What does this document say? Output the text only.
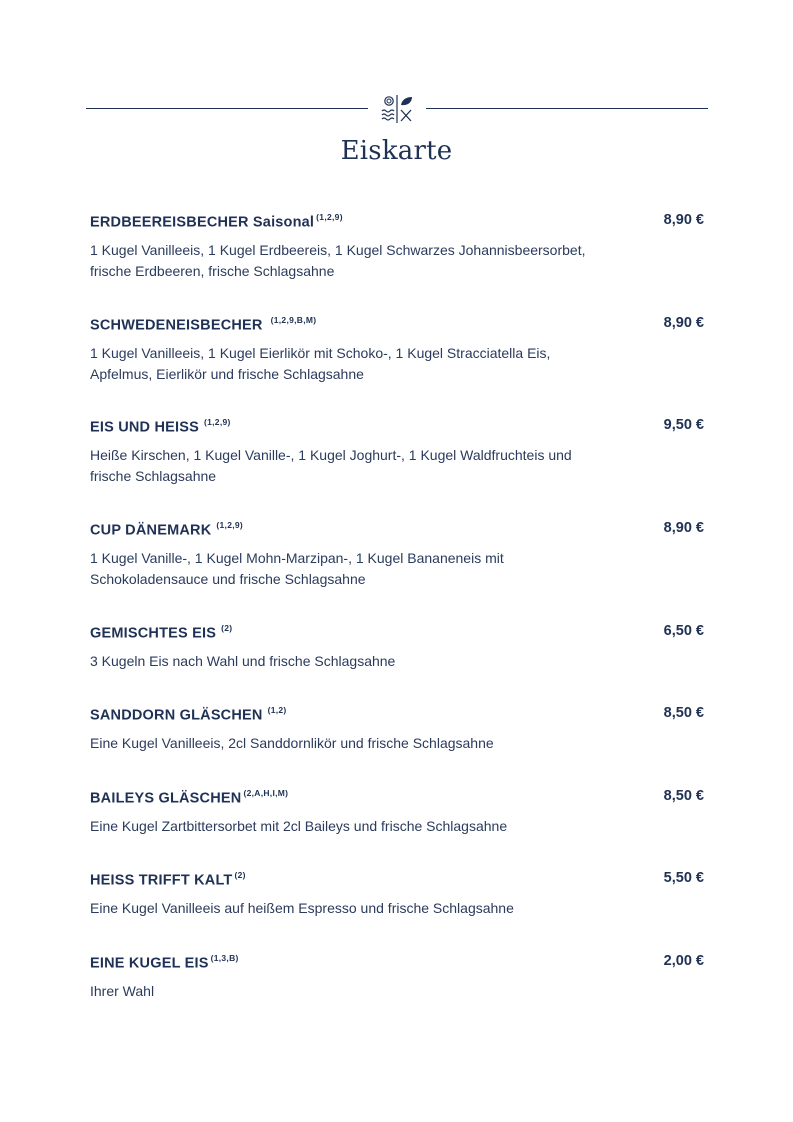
Eiskarte
ERDBEEREISBECHER Saisonal $^{(1,2,9)}$	8,90 €
1 Kugel Vanilleeis, 1 Kugel Erdbeereis, 1 Kugel Schwarzes Johannisbeersorbet, frische Erdbeeren, frische Schlagsahne
SCHWEDENEISBECHER $^{(1,2,9,B,M)}$	8,90 €
1 Kugel Vanilleeis, 1 Kugel Eierlikör mit Schoko-, 1 Kugel Stracciatella Eis, Apfelmus, Eierlikör und frische Schlagsahne
EIS UND HEISS $^{(1,2,9)}$	9,50 €
Heiße Kirschen, 1 Kugel Vanille-, 1 Kugel Joghurt-, 1 Kugel Waldfruchteis und frische Schlagsahne
CUP DÄNEMARK $^{(1,2,9)}$	8,90 €
1 Kugel Vanille-, 1 Kugel Mohn-Marzipan-, 1 Kugel Bananeneis mit Schokoladensauce und frische Schlagsahne
GEMISCHTES EIS $^{(2)}$	6,50 €
3 Kugeln Eis nach Wahl und frische Schlagsahne
SANDDORN GLÄSCHEN $^{(1,2)}$	8,50 €
Eine Kugel Vanilleeis, 2cl Sanddornlikör und frische Schlagsahne
BAILEYS GLÄSCHEN $^{(2,A,H,I,M)}$	8,50 €
Eine Kugel Zartbittersorbet mit 2cl Baileys und frische Schlagsahne
HEISS TRIFFT KALT $^{(2)}$	5,50 €
Eine Kugel Vanilleeis auf heißem Espresso und frische Schlagsahne
EINE KUGEL EIS $^{(1,3,B)}$	2,00 €
Ihrer Wahl
